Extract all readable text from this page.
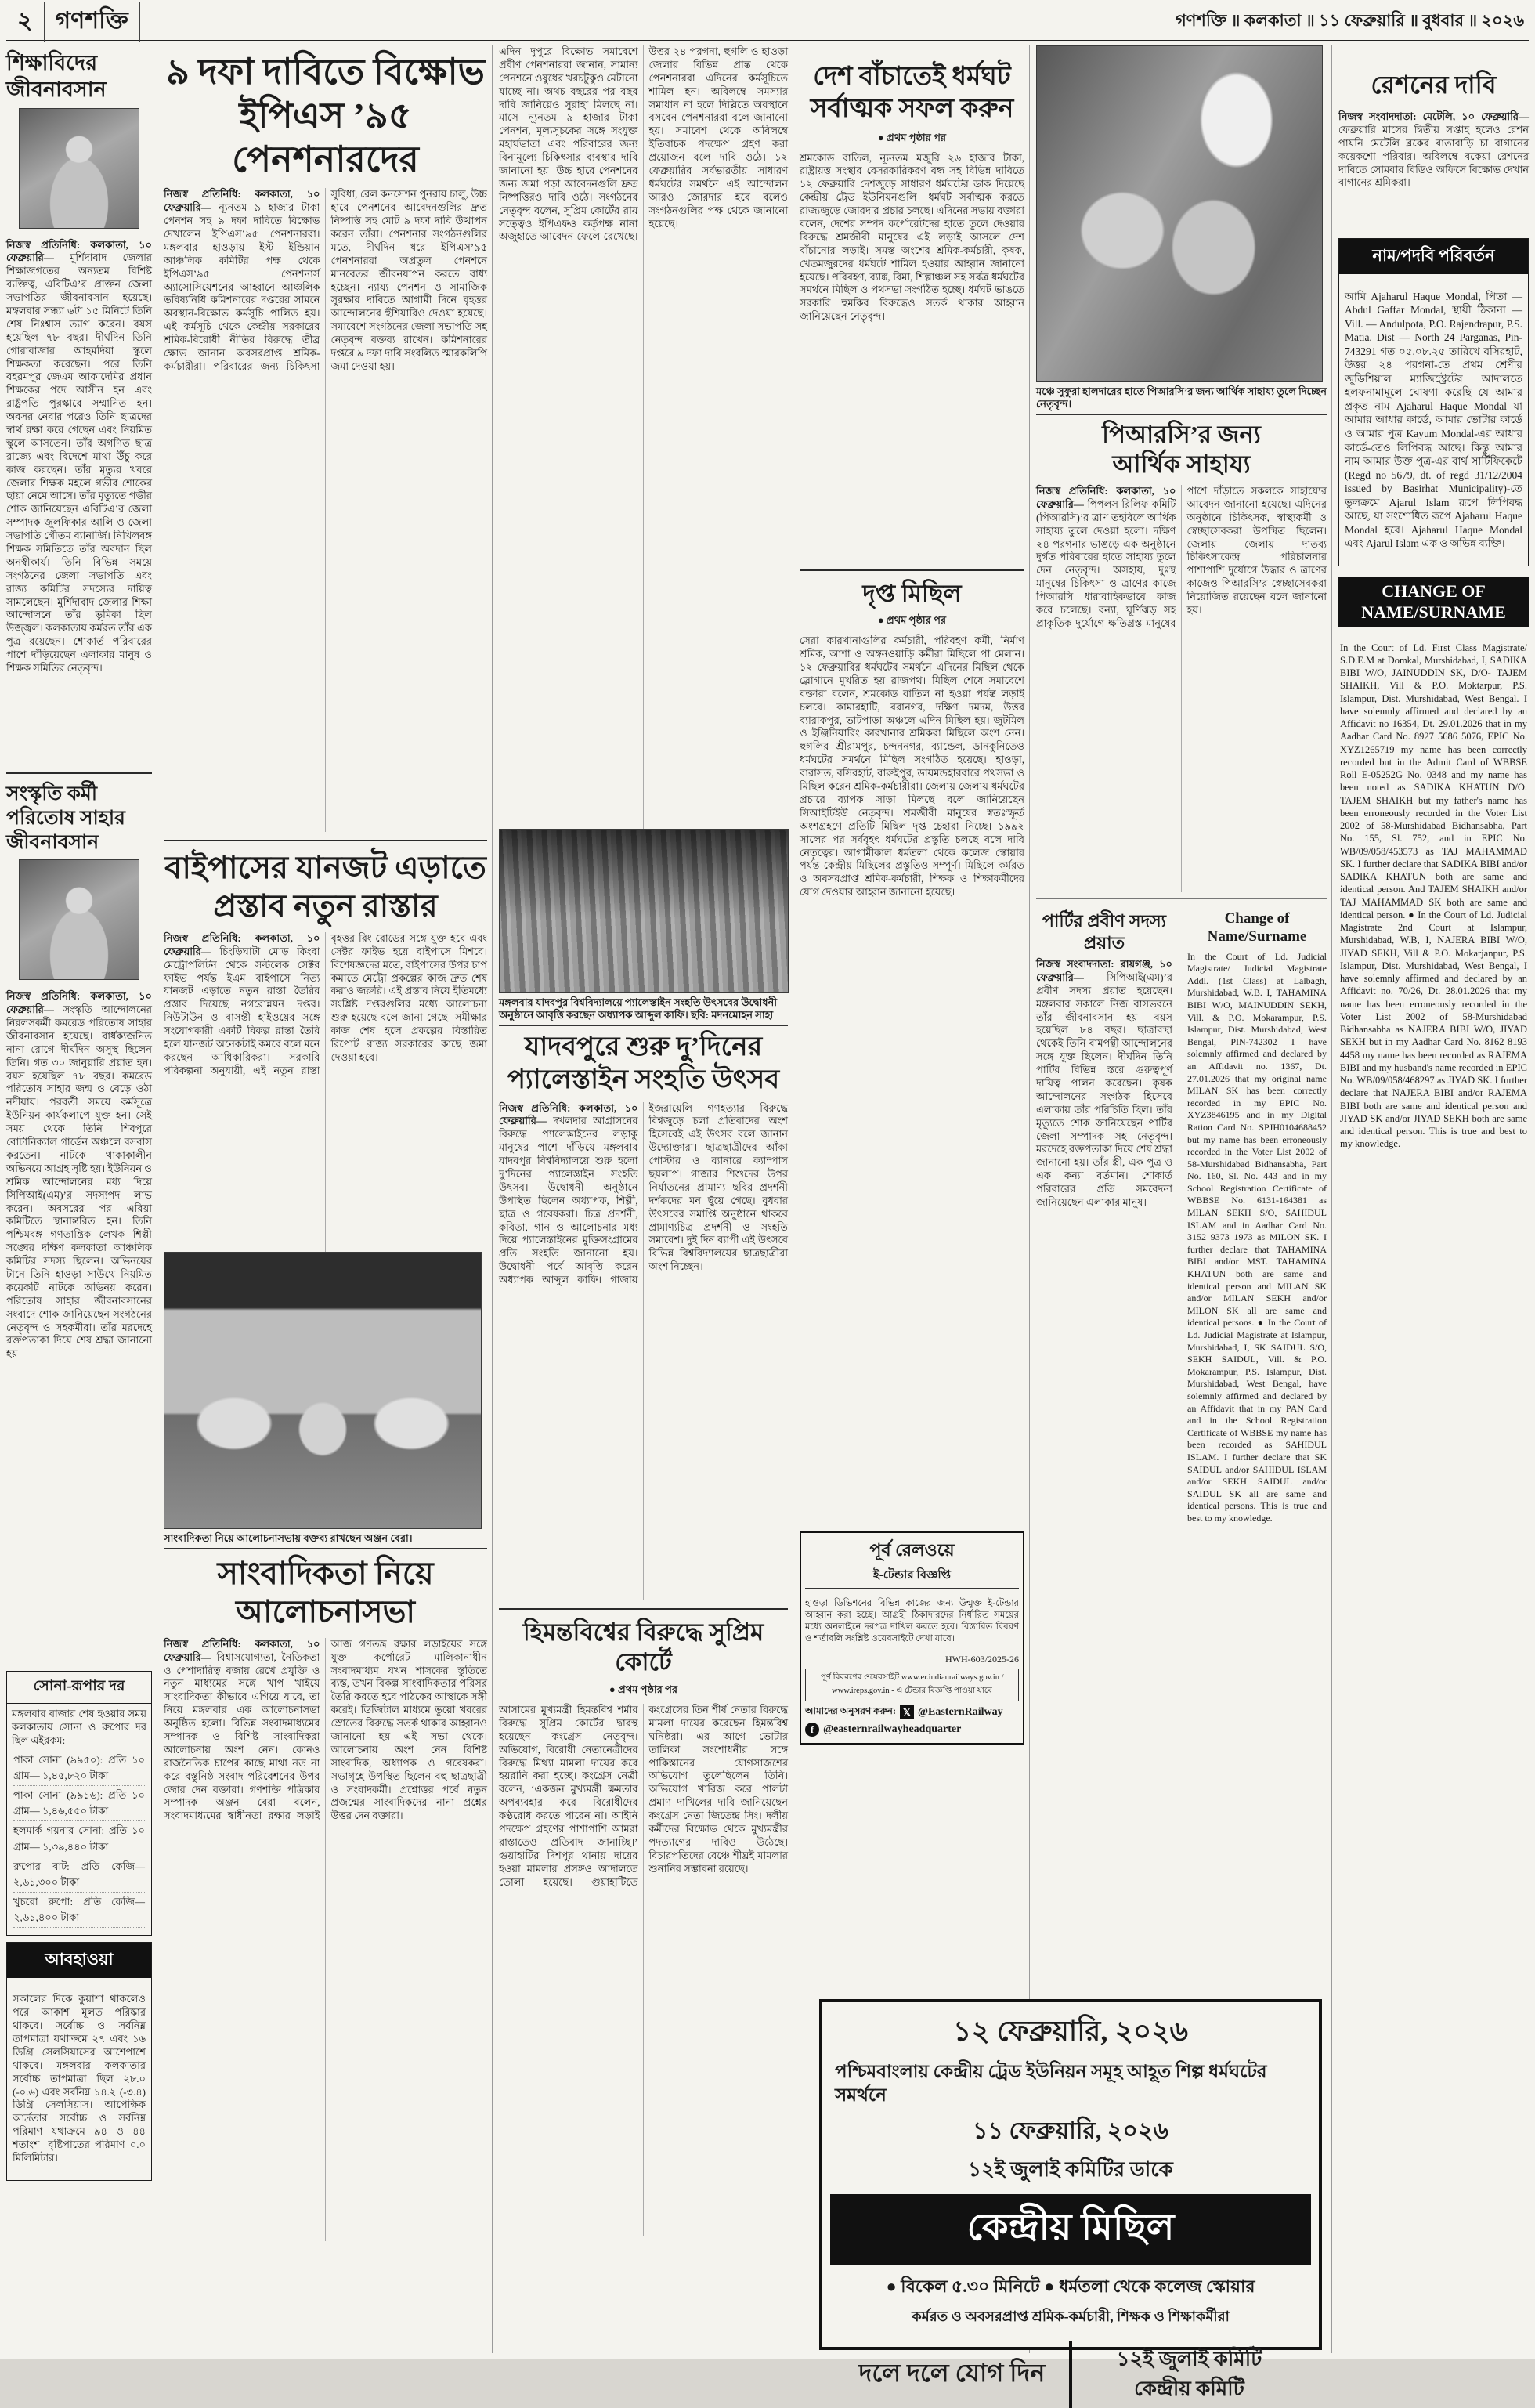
২ গণশক্তি	গণশক্তি ॥ কলকাতা ॥ ১১ ফেব্রুয়ারি ॥ বুধবার ॥ ২০২৬
শিক্ষাবিদের জীবনাবসান

নিজস্ব প্রতিনিধি: কলকাতা, ১০ ফেব্রুয়ারি— মুর্শিদাবাদ জেলার শিক্ষাজগতের অন্যতম বিশিষ্ট ব্যক্তিত্ব, এবিটিএ’র প্রাক্তন জেলা সভাপতির জীবনাবসান হয়েছে। মঙ্গলবার সন্ধ্যা ৬টা ১৫ মিনিটে তিনি শেষ নিঃশ্বাস ত্যাগ করেন। বয়স হয়েছিল ৭৮ বছর। দীর্ঘদিন তিনি গোরাবাজার আহমদিয়া স্কুলে শিক্ষকতা করেছেন। পরে তিনি বহরমপুর জেএম আকাদেমির প্রধান শিক্ষকের পদে আসীন হন এবং রাষ্ট্রপতি পুরস্কারে সম্মানিত হন। অবসর নেবার পরেও তিনি ছাত্রদের স্বার্থ রক্ষা করে গেছেন এবং নিয়মিত স্কুলে আসতেন। তাঁর অগণিত ছাত্র রাজ্যে এবং বিদেশে মাথা উঁচু করে কাজ করছেন। তাঁর মৃত্যুর খবরে জেলার শিক্ষক মহলে গভীর শোকের ছায়া নেমে আসে। তাঁর মৃত্যুতে গভীর শোক জানিয়েছেন এবিটিএ’র জেলা সম্পাদক জুলফিকার আলি ও জেলা সভাপতি গৌতম ব্যানার্জি। নিখিলবঙ্গ শিক্ষক সমিতিতে তাঁর অবদান ছিল অনস্বীকার্য। তিনি বিভিন্ন সময়ে সংগঠনের জেলা সভাপতি এবং রাজ্য কমিটির সদস্যের দায়িত্ব সামলেছেন। মুর্শিদাবাদ জেলার শিক্ষা আন্দোলনে তাঁর ভূমিকা ছিল উজ্জ্বল। কলকাতায় কর্মরত তাঁর এক পুত্র রয়েছেন। শোকার্ত পরিবারের পাশে দাঁড়িয়েছেন এলাকার মানুষ ও শিক্ষক সমিতির নেতৃবৃন্দ।

সংস্কৃতি কর্মী পরিতোষ সাহার জীবনাবসান

নিজস্ব প্রতিনিধি: কলকাতা, ১০ ফেব্রুয়ারি— সংস্কৃতি আন্দোলনের নিরলসকর্মী কমরেড পরিতোষ সাহার জীবনাবসান হয়েছে। বার্ধক্যজনিত নানা রোগে দীর্ঘদিন অসুস্থ ছিলেন তিনি। গত ৩০ জানুয়ারি প্রয়াত হন। বয়স হয়েছিল ৭৮ বছর। কমরেড পরিতোষ সাহার জন্ম ও বেড়ে ওঠা নদীয়ায়। পরবর্তী সময়ে কর্মসূত্রে ইউনিয়ন কার্যকলাপে যুক্ত হন। সেই সময় থেকে তিনি শিবপুরে বোটানিক্যাল গার্ডেন অঞ্চলে বসবাস করতেন। নাটকে থাকাকালীন অভিনয়ে আগ্রহ সৃষ্টি হয়। ইউনিয়ন ও শ্রমিক আন্দোলনের মধ্য দিয়ে সিপিআই(এম)’র সদস্যপদ লাভ করেন। অবসরের পর এরিয়া কমিটিতে স্থানান্তরিত হন। তিনি পশ্চিমবঙ্গ গণতান্ত্রিক লেখক শিল্পী সঙ্ঘের দক্ষিণ কলকাতা আঞ্চলিক কমিটির সদস্য ছিলেন। অভিনয়ের টানে তিনি হাওড়া সাউথে নিয়মিত কয়েকটি নাটকে অভিনয় করেন। পরিতোষ সাহার জীবনাবসানের সংবাদে শোক জানিয়েছেন সংগঠনের নেতৃবৃন্দ ও সহকর্মীরা। তাঁর মরদেহে রক্তপতাকা দিয়ে শেষ শ্রদ্ধা জানানো হয়।

সোনা-রূপার দর
মঙ্গলবার বাজার শেষ হওয়ার সময় কলকাতায় সোনা ও রুপোর দর ছিল এইরকম:
পাকা সোনা (৯৯৫০): প্রতি ১০ গ্রাম— ১,৪৫,৮২০ টাকা
পাকা সোনা (৯৯১৬): প্রতি ১০ গ্রাম— ১,৪৬,৫৫০ টাকা
হলমার্ক গয়নার সোনা: প্রতি ১০ গ্রাম— ১,৩৯,৪৪০ টাকা
রুপোর বাট: প্রতি কেজি— ২,৬১,৩০০ টাকা
খুচরো রুপো: প্রতি কেজি— ২,৬১,৪০০ টাকা
আবহাওয়া

সকালের দিকে কুয়াশা থাকলেও পরে আকাশ মূলত পরিষ্কার থাকবে। সর্বোচ্চ ও সর্বনিম্ন তাপমাত্রা যথাক্রমে ২৭ এবং ১৬ ডিগ্রি সেলসিয়াসের আশেপাশে থাকবে। মঙ্গলবার কলকাতার সর্বোচ্চ তাপমাত্রা ছিল ২৮.০ (-০.৬) এবং সর্বনিম্ন ১৪.২ (-৩.৪) ডিগ্রি সেলসিয়াস। আপেক্ষিক আর্দ্রতার সর্বোচ্চ ও সর্বনিম্ন পরিমাণ যথাক্রমে ৯৪ ও ৪৪ শতাংশ। বৃষ্টিপাতের পরিমাণ ০.০ মিলিমিটার।

৯ দফা দাবিতে বিক্ষোভ
ইপিএস ’৯৫ পেনশনারদের

নিজস্ব প্রতিনিধি: কলকাতা, ১০ ফেব্রুয়ারি— ন্যূনতম ৯ হাজার টাকা পেনশন সহ ৯ দফা দাবিতে বিক্ষোভ দেখালেন ইপিএস’৯৫ পেনশনাররা। মঙ্গলবার হাওড়ায় ইস্ট ইন্ডিয়ান আঞ্চলিক কমিটির পক্ষ থেকে ইপিএস’৯৫ পেনশনার্স অ্যাসোসিয়েশনের আহ্বানে আঞ্চলিক ভবিষ্যনিধি কমিশনারের দপ্তরের সামনে অবস্থান-বিক্ষোভ কর্মসূচি পালিত হয়। এই কর্মসূচি থেকে কেন্দ্রীয় সরকারের শ্রমিক-বিরোধী নীতির বিরুদ্ধে তীব্র ক্ষোভ জানান অবসরপ্রাপ্ত শ্রমিক-কর্মচারীরা। পরিবারের জন্য চিকিৎসা সুবিধা, রেল কনসেশন পুনরায় চালু, উচ্চ হারে পেনশনের আবেদনগুলির দ্রুত নিষ্পত্তি সহ মোট ৯ দফা দাবি উত্থাপন করেন তাঁরা। পেনশনার সংগঠনগুলির মতে, দীর্ঘদিন ধরে ইপিএস’৯৫ পেনশনাররা অপ্রতুল পেনশনে মানবেতর জীবনযাপন করতে বাধ্য হচ্ছেন। ন্যায্য পেনশন ও সামাজিক সুরক্ষার দাবিতে আগামী দিনে বৃহত্তর আন্দোলনের হুঁশিয়ারিও দেওয়া হয়েছে। সমাবেশে সংগঠনের জেলা সভাপতি সহ নেতৃবৃন্দ বক্তব্য রাখেন। কমিশনারের দপ্তরে ৯ দফা দাবি সংবলিত স্মারকলিপি জমা দেওয়া হয়।

বাইপাসের যানজট এড়াতে প্রস্তাব নতুন রাস্তার

নিজস্ব প্রতিনিধি: কলকাতা, ১০ ফেব্রুয়ারি— চিংড়িঘাটা মোড় কিংবা মেট্রোপলিটন থেকে সল্টলেক সেক্টর ফাইভ পর্যন্ত ইএম বাইপাসে নিত্য যানজট এড়াতে নতুন রাস্তা তৈরির প্রস্তাব দিয়েছে নগরোন্নয়ন দপ্তর। নিউটাউন ও বাসন্তী হাইওয়ের সঙ্গে সংযোগকারী একটি বিকল্প রাস্তা তৈরি হলে যানজট অনেকটাই কমবে বলে মনে করছেন আধিকারিকরা। সরকারি পরিকল্পনা অনুযায়ী, এই নতুন রাস্তা বৃহত্তর রিং রোডের সঙ্গে যুক্ত হবে এবং সেক্টর ফাইভ হয়ে বাইপাসে মিশবে। বিশেষজ্ঞদের মতে, বাইপাসের উপর চাপ কমাতে মেট্রো প্রকল্পের কাজ দ্রুত শেষ করাও জরুরি। এই প্রস্তাব নিয়ে ইতিমধ্যে সংশ্লিষ্ট দপ্তরগুলির মধ্যে আলোচনা শুরু হয়েছে বলে জানা গেছে। সমীক্ষার কাজ শেষ হলে প্রকল্পের বিস্তারিত রিপোর্ট রাজ্য সরকারের কাছে জমা দেওয়া হবে।

সাংবাদিকতা নিয়ে আলোচনাসভায় বক্তব্য রাখছেন অঞ্জন বেরা।
সাংবাদিকতা নিয়ে
আলোচনাসভা

নিজস্ব প্রতিনিধি: কলকাতা, ১০ ফেব্রুয়ারি— বিশ্বাসযোগ্যতা, নৈতিকতা ও পেশাদারিত্ব বজায় রেখে প্রযুক্তি ও নতুন মাধ্যমের সঙ্গে খাপ খাইয়ে সাংবাদিকতা কীভাবে এগিয়ে যাবে, তা নিয়ে মঙ্গলবার এক আলোচনাসভা অনুষ্ঠিত হলো। বিভিন্ন সংবাদমাধ্যমের সম্পাদক ও বিশিষ্ট সাংবাদিকরা আলোচনায় অংশ নেন। কোনও রাজনৈতিক চাপের কাছে মাথা নত না করে বস্তুনিষ্ঠ সংবাদ পরিবেশনের উপর জোর দেন বক্তারা। গণশক্তি পত্রিকার সম্পাদক অঞ্জন বেরা বলেন, সংবাদমাধ্যমের স্বাধীনতা রক্ষার লড়াই আজ গণতন্ত্র রক্ষার লড়াইয়ের সঙ্গে যুক্ত। কর্পোরেট মালিকানাধীন সংবাদমাধ্যম যখন শাসকের স্তুতিতে ব্যস্ত, তখন বিকল্প সাংবাদিকতার পরিসর তৈরি করতে হবে পাঠকের আস্থাকে সঙ্গী করেই। ডিজিটাল মাধ্যমে ভুয়ো খবরের স্রোতের বিরুদ্ধে সতর্ক থাকার আহ্বানও জানানো হয় এই সভা থেকে। আলোচনায় অংশ নেন বিশিষ্ট সাংবাদিক, অধ্যাপক ও গবেষকরা। সভাগৃহে উপস্থিত ছিলেন বহু ছাত্রছাত্রী ও সংবাদকর্মী। প্রশ্নোত্তর পর্বে নতুন প্রজন্মের সাংবাদিকদের নানা প্রশ্নের উত্তর দেন বক্তারা।

এদিন দুপুরে বিক্ষোভ সমাবেশে প্রবীণ পেনশনাররা জানান, সামান্য পেনশনে ওষুধের খরচটুকুও মেটানো যাচ্ছে না। অথচ বছরের পর বছর দাবি জানিয়েও সুরাহা মিলছে না। মাসে ন্যূনতম ৯ হাজার টাকা পেনশন, মূল্যসূচকের সঙ্গে সংযুক্ত মহার্ঘভাতা এবং পরিবারের জন্য বিনামূল্যে চিকিৎসার ব্যবস্থার দাবি জানানো হয়। উচ্চ হারে পেনশনের জন্য জমা পড়া আবেদনগুলি দ্রুত নিষ্পত্তিরও দাবি ওঠে। সংগঠনের নেতৃবৃন্দ বলেন, সুপ্রিম কোর্টের রায় সত্ত্বেও ইপিএফও কর্তৃপক্ষ নানা অজুহাতে আবেদন ফেলে রেখেছে। উত্তর ২৪ পরগনা, হুগলি ও হাওড়া জেলার বিভিন্ন প্রান্ত থেকে পেনশনাররা এদিনের কর্মসূচিতে শামিল হন। অবিলম্বে সমস্যার সমাধান না হলে দিল্লিতে অবস্থানে বসবেন পেনশনাররা বলে জানানো হয়। সমাবেশ থেকে অবিলম্বে ইতিবাচক পদক্ষেপ গ্রহণ করা প্রয়োজন বলে দাবি ওঠে। ১২ ফেব্রুয়ারির সর্বভারতীয় সাধারণ ধর্মঘটের সমর্থনে এই আন্দোলন আরও জোরদার হবে বলেও সংগঠনগুলির পক্ষ থেকে জানানো হয়েছে।

মঙ্গলবার যাদবপুর বিশ্ববিদ্যালয়ে প্যালেস্তাইন সংহতি উৎসবের উদ্বোধনী অনুষ্ঠানে আবৃত্তি করছেন অধ্যাপক আব্দুল কাফি। ছবি: মদনমোহন সাহা
যাদবপুরে শুরু দু’দিনের
প্যালেস্তাইন সংহতি উৎসব

নিজস্ব প্রতিনিধি: কলকাতা, ১০ ফেব্রুয়ারি— দখলদার আগ্রাসনের বিরুদ্ধে প্যালেস্তাইনের লড়াকু মানুষের পাশে দাঁড়িয়ে মঙ্গলবার যাদবপুর বিশ্ববিদ্যালয়ে শুরু হলো দু’দিনের প্যালেস্তাইন সংহতি উৎসব। উদ্বোধনী অনুষ্ঠানে উপস্থিত ছিলেন অধ্যাপক, শিল্পী, ছাত্র ও গবেষকরা। চিত্র প্রদর্শনী, কবিতা, গান ও আলোচনার মধ্য দিয়ে প্যালেস্তাইনের মুক্তিসংগ্রামের প্রতি সংহতি জানানো হয়। উদ্বোধনী পর্বে আবৃত্তি করেন অধ্যাপক আব্দুল কাফি। গাজায় ইজরায়েলি গণহত্যার বিরুদ্ধে বিশ্বজুড়ে চলা প্রতিবাদের অংশ হিসেবেই এই উৎসব বলে জানান উদ্যোক্তারা। ছাত্রছাত্রীদের আঁকা পোস্টার ও ব্যানারে ক্যাম্পাস ছয়লাপ। গাজার শিশুদের উপর নির্যাতনের প্রামাণ্য ছবির প্রদর্শনী দর্শকদের মন ছুঁয়ে গেছে। বুধবার উৎসবের সমাপ্তি অনুষ্ঠানে থাকবে প্রামাণ্যচিত্র প্রদর্শনী ও সংহতি সমাবেশ। দুই দিন ব্যাপী এই উৎসবে বিভিন্ন বিশ্ববিদ্যালয়ের ছাত্রছাত্রীরা অংশ নিচ্ছেন।

হিমন্তবিশ্বের বিরুদ্ধে সুপ্রিম কোর্টে
● প্রথম পৃষ্ঠার পর

আসামের মুখ্যমন্ত্রী হিমন্তবিশ্ব শর্মার বিরুদ্ধে সুপ্রিম কোর্টের দ্বারস্থ হয়েছেন কংগ্রেস নেতৃবৃন্দ। অভিযোগ, বিরোধী নেতানেত্রীদের বিরুদ্ধে মিথ্যা মামলা দায়ের করে হয়রানি করা হচ্ছে। কংগ্রেস নেত্রী বলেন, ‘একজন মুখ্যমন্ত্রী ক্ষমতার অপব্যবহার করে বিরোধীদের কণ্ঠরোধ করতে পারেন না। আইনি পদক্ষেপ গ্রহণের পাশাপাশি আমরা রাস্তাতেও প্রতিবাদ জানাচ্ছি।’ গুয়াহাটির দিশপুর থানায় দায়ের হওয়া মামলার প্রসঙ্গও আদালতে তোলা হয়েছে। গুয়াহাটিতে কংগ্রেসের তিন শীর্ষ নেতার বিরুদ্ধে মামলা দায়ের করেছেন হিমন্তবিশ্ব ঘনিষ্ঠরা। এর আগে ভোটার তালিকা সংশোধনীর সঙ্গে পাকিস্তানের যোগসাজশের অভিযোগ তুলেছিলেন তিনি। অভিযোগ খারিজ করে পালটা প্রমাণ দাখিলের দাবি জানিয়েছেন কংগ্রেস নেতা জিতেন্দ্র সিং। দলীয় কর্মীদের বিক্ষোভ থেকে মুখ্যমন্ত্রীর পদত্যাগের দাবিও উঠেছে। বিচারপতিদের বেঞ্চে শীঘ্রই মামলার শুনানির সম্ভাবনা রয়েছে।

দেশ বাঁচাতেই ধর্মঘট সর্বাত্মক সফল করুন
● প্রথম পৃষ্ঠার পর

শ্রমকোড বাতিল, ন্যূনতম মজুরি ২৬ হাজার টাকা, রাষ্ট্রায়ত্ত সংস্থার বেসরকারিকরণ বন্ধ সহ বিভিন্ন দাবিতে ১২ ফেব্রুয়ারি দেশজুড়ে সাধারণ ধর্মঘটের ডাক দিয়েছে কেন্দ্রীয় ট্রেড ইউনিয়নগুলি। ধর্মঘট সর্বাত্মক করতে রাজ্যজুড়ে জোরদার প্রচার চলছে। এদিনের সভায় বক্তারা বলেন, দেশের সম্পদ কর্পোরেটদের হাতে তুলে দেওয়ার বিরুদ্ধে শ্রমজীবী মানুষের এই লড়াই আসলে দেশ বাঁচানোর লড়াই। সমস্ত অংশের শ্রমিক-কর্মচারী, কৃষক, খেতমজুরদের ধর্মঘটে শামিল হওয়ার আহ্বান জানানো হয়েছে। পরিবহণ, ব্যাঙ্ক, বিমা, শিল্পাঞ্চল সহ সর্বত্র ধর্মঘটের সমর্থনে মিছিল ও পথসভা সংগঠিত হচ্ছে। ধর্মঘট ভাঙতে সরকারি হুমকির বিরুদ্ধেও সতর্ক থাকার আহ্বান জানিয়েছেন নেতৃবৃন্দ।

দৃপ্ত মিছিল
● প্রথম পৃষ্ঠার পর

সেরা কারখানাগুলির কর্মচারী, পরিবহণ কর্মী, নির্মাণ শ্রমিক, আশা ও অঙ্গনওয়াড়ি কর্মীরা মিছিলে পা মেলান। ১২ ফেব্রুয়ারির ধর্মঘটের সমর্থনে এদিনের মিছিল থেকে স্লোগানে মুখরিত হয় রাজপথ। মিছিল শেষে সমাবেশে বক্তারা বলেন, শ্রমকোড বাতিল না হওয়া পর্যন্ত লড়াই চলবে। কামারহাটি, বরানগর, দক্ষিণ দমদম, উত্তর ব্যারাকপুর, ভাটপাড়া অঞ্চলে এদিন মিছিল হয়। জুটমিল ও ইঞ্জিনিয়ারিং কারখানার শ্রমিকরা মিছিলে অংশ নেন। হুগলির শ্রীরামপুর, চন্দননগর, ব্যান্ডেল, ডানকুনিতেও ধর্মঘটের সমর্থনে মিছিল সংগঠিত হয়েছে। হাওড়া, বারাসত, বসিরহাট, বারুইপুর, ডায়মন্ডহারবারে পথসভা ও মিছিল করেন শ্রমিক-কর্মচারীরা। জেলায় জেলায় ধর্মঘটের প্রচারে ব্যাপক সাড়া মিলছে বলে জানিয়েছেন সিআইটিইউ নেতৃবৃন্দ। শ্রমজীবী মানুষের স্বতঃস্ফূর্ত অংশগ্রহণে প্রতিটি মিছিল দৃপ্ত চেহারা নিচ্ছে। ১৯৯২ সালের পর সর্ববৃহৎ ধর্মঘটের প্রস্তুতি চলছে বলে দাবি নেতৃত্বের। আগামীকাল ধর্মতলা থেকে কলেজ স্কোয়ার পর্যন্ত কেন্দ্রীয় মিছিলের প্রস্তুতিও সম্পূর্ণ। মিছিলে কর্মরত ও অবসরপ্রাপ্ত শ্রমিক-কর্মচারী, শিক্ষক ও শিক্ষাকর্মীদের যোগ দেওয়ার আহ্বান জানানো হয়েছে।

পূর্ব রেলওয়ে
ই-টেন্ডার বিজ্ঞপ্তি

হাওড়া ডিভিশনের বিভিন্ন কাজের জন্য উন্মুক্ত ই-টেন্ডার আহ্বান করা হচ্ছে। আগ্রহী ঠিকাদারদের নির্ধারিত সময়ের মধ্যে অনলাইনে দরপত্র দাখিল করতে হবে। বিস্তারিত বিবরণ ও শর্তাবলি সংশ্লিষ্ট ওয়েবসাইটে দেখা যাবে।

HWH-603/2025-26
পূর্ণ বিবরণের ওয়েবসাইট www.er.indianrailways.gov.in / www.ireps.gov.in - এ টেন্ডার বিজ্ঞপ্তি পাওয়া যাবে
আমাদের অনুসরণ করুন: 𝕏 @EasternRailway
f @easternrailwayheadquarter
মঞ্চে সুফুরা হালদারের হাতে পিআরসি’র জন্য আর্থিক সাহায্য তুলে দিচ্ছেন নেতৃবৃন্দ।
পিআরসি’র জন্য
আর্থিক সাহায্য

নিজস্ব প্রতিনিধি: কলকাতা, ১০ ফেব্রুয়ারি— পিপলস রিলিফ কমিটি (পিআরসি)’র ত্রাণ তহবিলে আর্থিক সাহায্য তুলে দেওয়া হলো। দক্ষিণ ২৪ পরগনার ভাঙড়ে এক অনুষ্ঠানে দুর্গত পরিবারের হাতে সাহায্য তুলে দেন নেতৃবৃন্দ। অসহায়, দুঃস্থ মানুষের চিকিৎসা ও ত্রাণের কাজে পিআরসি ধারাবাহিকভাবে কাজ করে চলেছে। বন্যা, ঘূর্ণিঝড় সহ প্রাকৃতিক দুর্যোগে ক্ষতিগ্রস্ত মানুষের পাশে দাঁড়াতে সকলকে সাহায্যের আবেদন জানানো হয়েছে। এদিনের অনুষ্ঠানে চিকিৎসক, স্বাস্থ্যকর্মী ও স্বেচ্ছাসেবকরা উপস্থিত ছিলেন। জেলায় জেলায় দাতব্য চিকিৎসাকেন্দ্র পরিচালনার পাশাপাশি দুর্যোগে উদ্ধার ও ত্রাণের কাজেও পিআরসি’র স্বেচ্ছাসেবকরা নিয়োজিত রয়েছেন বলে জানানো হয়।

পার্টির প্রবীণ সদস্য প্রয়াত

নিজস্ব সংবাদদাতা: রায়গঞ্জ, ১০ ফেব্রুয়ারি— সিপিআই(এম)’র প্রবীণ সদস্য প্রয়াত হয়েছেন। মঙ্গলবার সকালে নিজ বাসভবনে তাঁর জীবনাবসান হয়। বয়স হয়েছিল ৮৪ বছর। ছাত্রাবস্থা থেকেই তিনি বামপন্থী আন্দোলনের সঙ্গে যুক্ত ছিলেন। দীর্ঘদিন তিনি পার্টির বিভিন্ন স্তরে গুরুত্বপূর্ণ দায়িত্ব পালন করেছেন। কৃষক আন্দোলনের সংগঠক হিসেবে এলাকায় তাঁর পরিচিতি ছিল। তাঁর মৃত্যুতে শোক জানিয়েছেন পার্টির জেলা সম্পাদক সহ নেতৃবৃন্দ। মরদেহে রক্তপতাকা দিয়ে শেষ শ্রদ্ধা জানানো হয়। তাঁর স্ত্রী, এক পুত্র ও এক কন্যা বর্তমান। শোকার্ত পরিবারের প্রতি সমবেদনা জানিয়েছেন এলাকার মানুষ।

Change of Name/Surname

In the Court of Ld. Judicial Magistrate/ Judicial Magistrate Addl. (1st Class) at Lalbagh, Murshidabad, W.B. I, TAHAMINA BIBI W/O, MAINUDDIN SEKH, Vill. & P.O. Mokarampur, P.S. Islampur, Dist. Murshidabad, West Bengal, PIN-742302 I have solemnly affirmed and declared by an Affidavit no. 1367, Dt. 27.01.2026 that my original name MILAN SK has been correctly recorded in my EPIC No. XYZ3846195 and in my Digital Ration Card No. SPJH0104688452 but my name has been erroneously recorded in the Voter List 2002 of 58-Murshidabad Bidhansabha, Part No. 160, Sl. No. 443 and in my School Registration Certificate of WBBSE No. 6131-164381 as MILAN SEKH S/O, SAHIDUL ISLAM and in Aadhar Card No. 3152 9373 1973 as MILON SK. I further declare that TAHAMINA BIBI and/or MST. TAHAMINA KHATUN both are same and identical person and MILAN SK and/or MILAN SEKH and/or MILON SK all are same and identical persons. ● In the Court of Ld. Judicial Magistrate at Islampur, Murshidabad, I, SK SAIDUL S/O, SEKH SAIDUL, Vill. & P.O. Mokarampur, P.S. Islampur, Dist. Murshidabad, West Bengal, have solemnly affirmed and declared by an Affidavit that in my PAN Card and in the School Registration Certificate of WBBSE my name has been recorded as SAHIDUL ISLAM. I further declare that SK SAIDUL and/or SAHIDUL ISLAM and/or SEKH SAIDUL and/or SAIDUL SK all are same and identical persons. This is true and best to my knowledge.

রেশনের দাবি

নিজস্ব সংবাদদাতা: মেটেলি, ১০ ফেব্রুয়ারি— ফেব্রুয়ারি মাসের দ্বিতীয় সপ্তাহ হলেও রেশন পায়নি মেটেলি ব্লকের বাতাবাড়ি চা বাগানের কয়েকশো পরিবার। অবিলম্বে বকেয়া রেশনের দাবিতে সোমবার বিডিও অফিসে বিক্ষোভ দেখান বাগানের শ্রমিকরা।

নাম/পদবি পরিবর্তন

আমি Ajaharul Haque Mondal, পিতা — Abdul Gaffar Mondal, স্থায়ী ঠিকানা — Vill. — Andulpota, P.O. Rajendrapur, P.S. Matia, Dist — North 24 Parganas, Pin-743291 গত ০৫.০৮.২৫ তারিখে বসিরহাট, উত্তর ২৪ পরগনা-তে প্রথম শ্রেণীর জুডিশিয়াল ম্যাজিস্ট্রেটের আদালতে হলফনামামূলে ঘোষণা করেছি যে আমার প্রকৃত নাম Ajaharul Haque Mondal যা আমার আধার কার্ডে, আমার ভোটার কার্ডে ও আমার পুত্র Kayum Mondal-এর আধার কার্ডে-তেও লিপিবদ্ধ আছে। কিন্তু আমার নাম আমার উক্ত পুত্র-এর বার্থ সার্টিফিকেটে (Regd no 5679, dt. of regd 31/12/2004 issued by Basirhat Municipality)-তে ভুলক্রমে Ajarul Islam রূপে লিপিবদ্ধ আছে, যা সংশোধিত রূপে Ajaharul Haque Mondal হবে। Ajaharul Haque Mondal এবং Ajarul Islam এক ও অভিন্ন ব্যক্তি।

CHANGE OF
NAME/SURNAME

In the Court of Ld. First Class Magistrate/ S.D.E.M at Domkal, Murshidabad, I, SADIKA BIBI W/O, JAINUDDIN SK, D/O- TAJEM SHAIKH, Vill & P.O. Moktarpur, P.S. Islampur, Dist. Murshidabad, West Bengal. I have solemnly affirmed and declared by an Affidavit no 16354, Dt. 29.01.2026 that in my Aadhar Card No. 8927 5686 5076, EPIC No. XYZ1265719 my name has been correctly recorded but in the Admit Card of WBBSE Roll E-05252G No. 0348 and my name has been noted as SADIKA KHATUN D/O. TAJEM SHAIKH but my father's name has been erroneously recorded in the Voter List 2002 of 58-Murshidabad Bidhansabha, Part No. 155, Sl. 752, and in EPIC No. WB/09/058/453573 as TAJ MAHAMMAD SK. I further declare that SADIKA BIBI and/or SADIKA KHATUN both are same and identical person. And TAJEM SHAIKH and/or TAJ MAHAMMAD SK both are same and identical person. ● In the Court of Ld. Judicial Magistrate 2nd Court at Islampur, Murshidabad, W.B, I, NAJERA BIBI W/O, JIYAD SEKH, Vill & P.O. Mokarjanpur, P.S. Islampur, Dist. Murshidabad, West Bengal, I have solemnly affirmed and declared by an Affidavit no. 70/26, Dt. 28.01.2026 that my name has been erroneously recorded in the Voter List 2002 of 58-Murshidabad Bidhansabha as NAJERA BIBI W/O, JIYAD SEKH but in my Aadhar Card No. 8162 8193 4458 my name has been recorded as RAJEMA BIBI and my husband's name recorded in EPIC No. WB/09/058/468297 as JIYAD SK. I further declare that NAJERA BIBI and/or RAJEMA BIBI both are same and identical person and JIYAD SK and/or JIYAD SEKH both are same and identical person. This is true and best to my knowledge.

১২ ফেব্রুয়ারি, ২০২৬
পশ্চিমবাংলায় কেন্দ্রীয় ট্রেড ইউনিয়ন সমূহ আহূত শিল্প ধর্মঘটের সমর্থনে
১১ ফেব্রুয়ারি, ২০২৬
১২ই জুলাই কমিটির ডাকে
কেন্দ্রীয় মিছিল
● বিকেল ৫.৩০ মিনিটে ● ধর্মতলা থেকে কলেজ স্কোয়ার
কর্মরত ও অবসরপ্রাপ্ত শ্রমিক-কর্মচারী, শিক্ষক ও শিক্ষাকর্মীরা
দলে দলে যোগ দিন	১২ই জুলাই কমিটি
কেন্দ্রীয় কমিটি
